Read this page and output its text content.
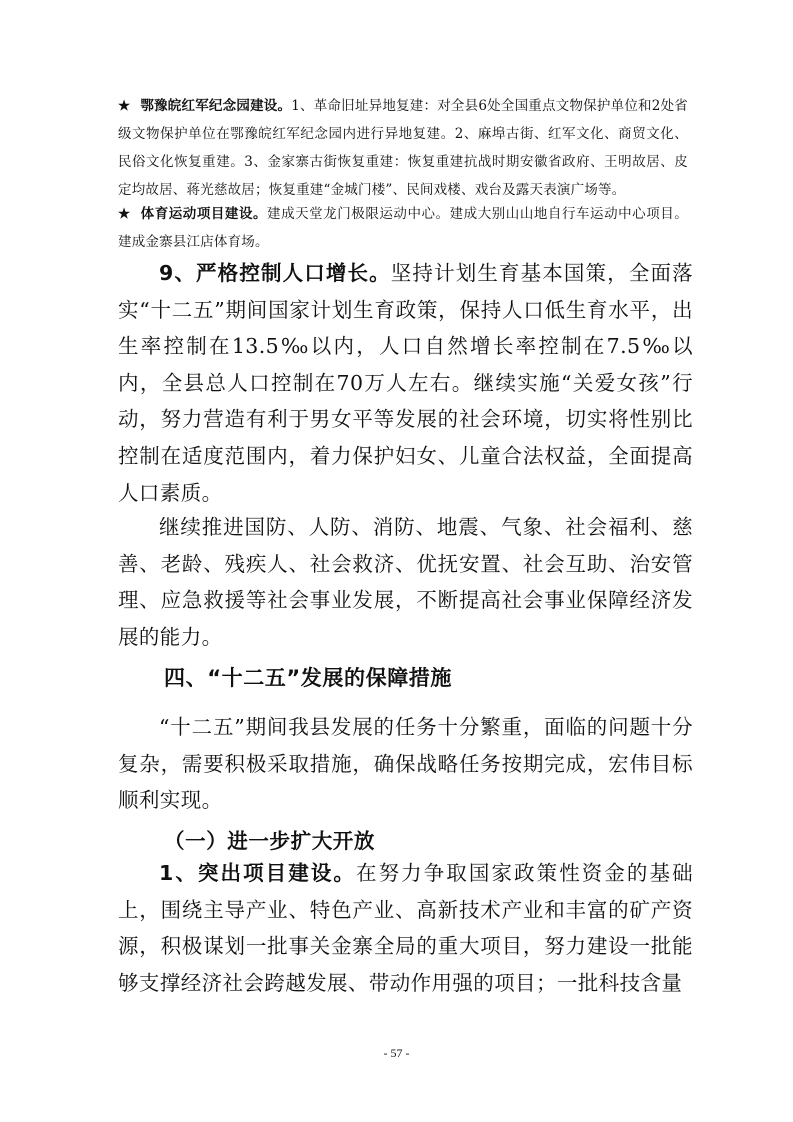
★ 鄂豫皖红军纪念园建设。1、革命旧址异地复建：对全县6处全国重点文物保护单位和2处省级文物保护单位在鄂豫皖红军纪念园内进行异地复建。2、麻埠古街、红军文化、商贸文化、民俗文化恢复重建。3、金家寨古街恢复重建：恢复重建抗战时期安徽省政府、王明故居、皮定均故居、蒋光慈故居；恢复重建“金城门楼”、民间戏楼、戏台及露天表演广场等。
★ 体育运动项目建设。建成天堂龙门极限运动中心。建成大别山山地自行车运动中心项目。建成金寨县江店体育场。
9、严格控制人口增长。坚持计划生育基本国策，全面落实“十二五”期间国家计划生育政策，保持人口低生育水平，出生率控制在13.5‰以内，人口自然增长率控制在7.5‰以内，全县总人口控制在70万人左右。继续实施“关爱女孩”行动，努力营造有利于男女平等发展的社会环境，切实将性别比控制在适度范围内，着力保护妇女、儿童合法权益，全面提高人口素质。
继续推进国防、人防、消防、地震、气象、社会福利、慈善、老龄、残疾人、社会救济、优抚安置、社会互助、治安管理、应急救援等社会事业发展，不断提高社会事业保障经济发展的能力。
四、“十二五”发展的保障措施
“十二五”期间我县发展的任务十分繁重，面临的问题十分复杂，需要积极采取措施，确保战略任务按期完成，宏伟目标顺利实现。
（一）进一步扩大开放
1、突出项目建设。在努力争取国家政策性资金的基础上，围绕主导产业、特色产业、高新技术产业和丰富的矿产资源，积极谋划一批事关金寨全局的重大项目，努力建设一批能够支撑经济社会跨越发展、带动作用强的项目；一批科技含量
- 57 -
